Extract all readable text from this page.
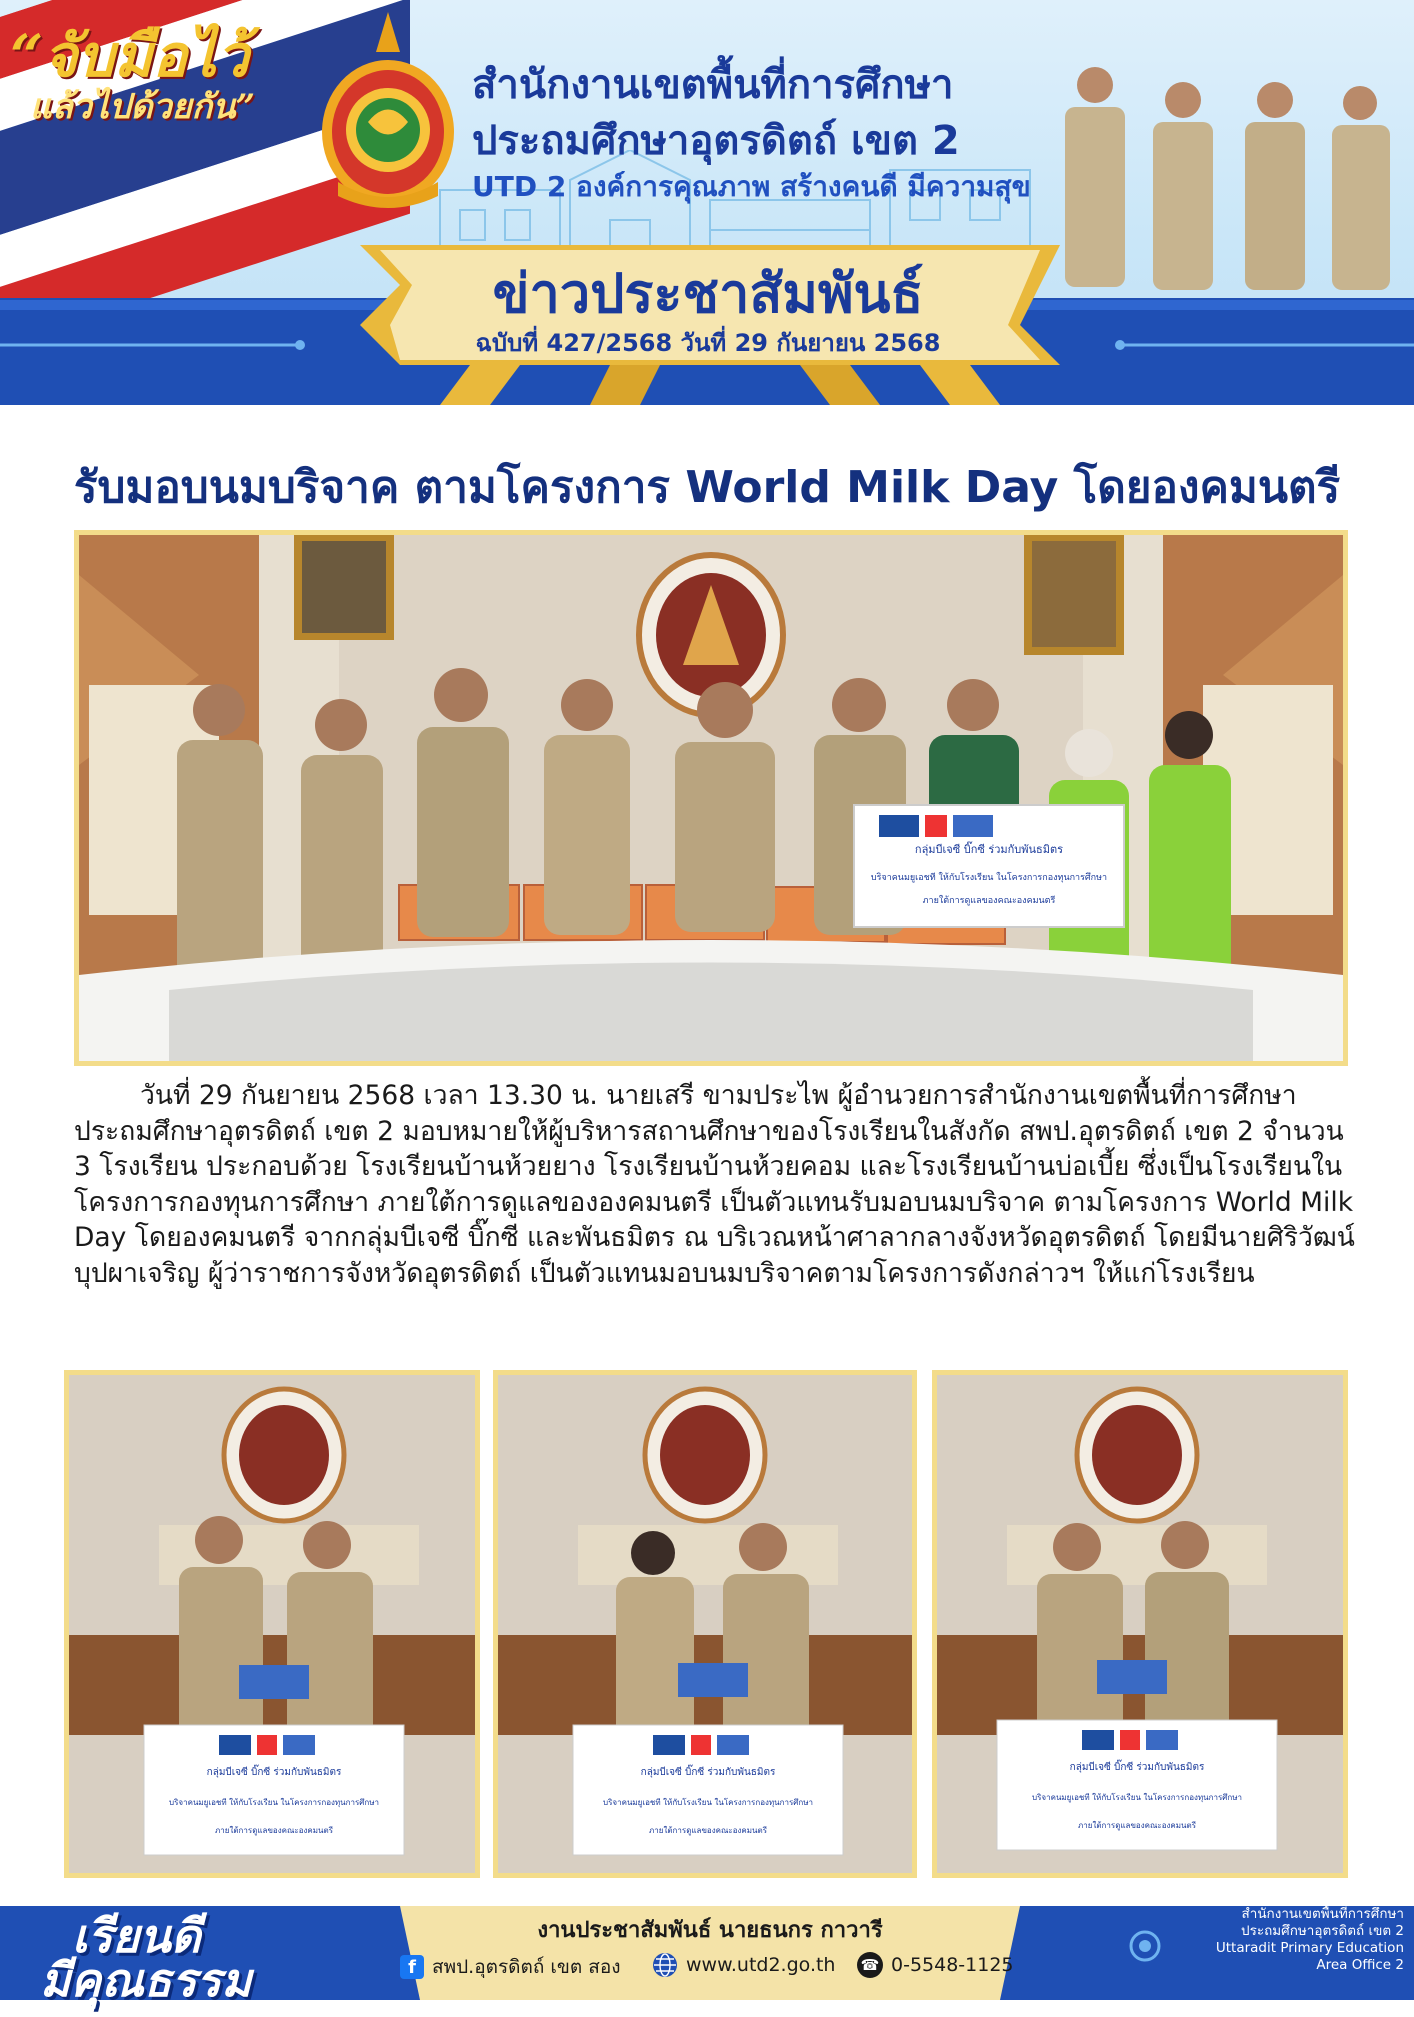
“จับมือไว้
แล้วไปด้วยกัน”	สำนักงานเขตพื้นที่การศึกษา
ประถมศึกษาอุตรดิตถ์ เขต 2
UTD 2 องค์การคุณภาพ สร้างคนดี มีความสุข
ข่าวประชาสัมพันธ์
ฉบับที่ 427/2568 วันที่ 29 กันยายน 2568
รับมอบนมบริจาค ตามโครงการ World Milk Day โดยองคมนตรี
กลุ่มบีเจซี บิ๊กซี ร่วมกับพันธมิตร
บริจาคนมยูเอชที ให้กับโรงเรียน ในโครงการกองทุนการศึกษา
ภายใต้การดูแลของคณะองคมนตรี

วันที่ 29 กันยายน 2568 เวลา 13.30 น. นายเสรี ขามประไพ ผู้อำนวยการสำนักงานเขตพื้นที่การศึกษาประถมศึกษาอุตรดิตถ์ เขต 2 มอบหมายให้ผู้บริหารสถานศึกษาของโรงเรียนในสังกัด สพป.อุตรดิตถ์ เขต 2 จำนวน 3 โรงเรียน ประกอบด้วย โรงเรียนบ้านห้วยยาง โรงเรียนบ้านห้วยคอม และโรงเรียนบ้านบ่อเบี้ย ซึ่งเป็นโรงเรียนในโครงการกองทุนการศึกษา ภายใต้การดูแลขององคมนตรี เป็นตัวแทนรับมอบนมบริจาค ตามโครงการ World Milk Day โดยองคมนตรี จากกลุ่มบีเจซี บิ๊กซี และพันธมิตร ณ บริเวณหน้าศาลากลางจังหวัดอุตรดิตถ์ โดยมีนายศิริวัฒน์ บุปผาเจริญ ผู้ว่าราชการจังหวัดอุตรดิตถ์ เป็นตัวแทนมอบนมบริจาคตามโครงการดังกล่าวฯ ให้แก่โรงเรียน

กลุ่มบีเจซี บิ๊กซี ร่วมกับพันธมิตร
บริจาคนมยูเอชที ให้กับโรงเรียน ในโครงการกองทุนการศึกษา
ภายใต้การดูแลของคณะองคมนตรี
กลุ่มบีเจซี บิ๊กซี ร่วมกับพันธมิตร
บริจาคนมยูเอชที ให้กับโรงเรียน ในโครงการกองทุนการศึกษา
ภายใต้การดูแลของคณะองคมนตรี
กลุ่มบีเจซี บิ๊กซี ร่วมกับพันธมิตร
บริจาคนมยูเอชที ให้กับโรงเรียน ในโครงการกองทุนการศึกษา
ภายใต้การดูแลของคณะองคมนตรี
เรียนดี
มีคุณธรรม
งานประชาสัมพันธ์ นายธนกร กาวารี
f สพป.อุตรดิตถ์ เขต สอง	www.utd2.go.th ☎ 0-5548-1125
สำนักงานเขตพื้นที่การศึกษา
ประถมศึกษาอุตรดิตถ์ เขต 2
Uttaradit Primary Education
Area Office 2
